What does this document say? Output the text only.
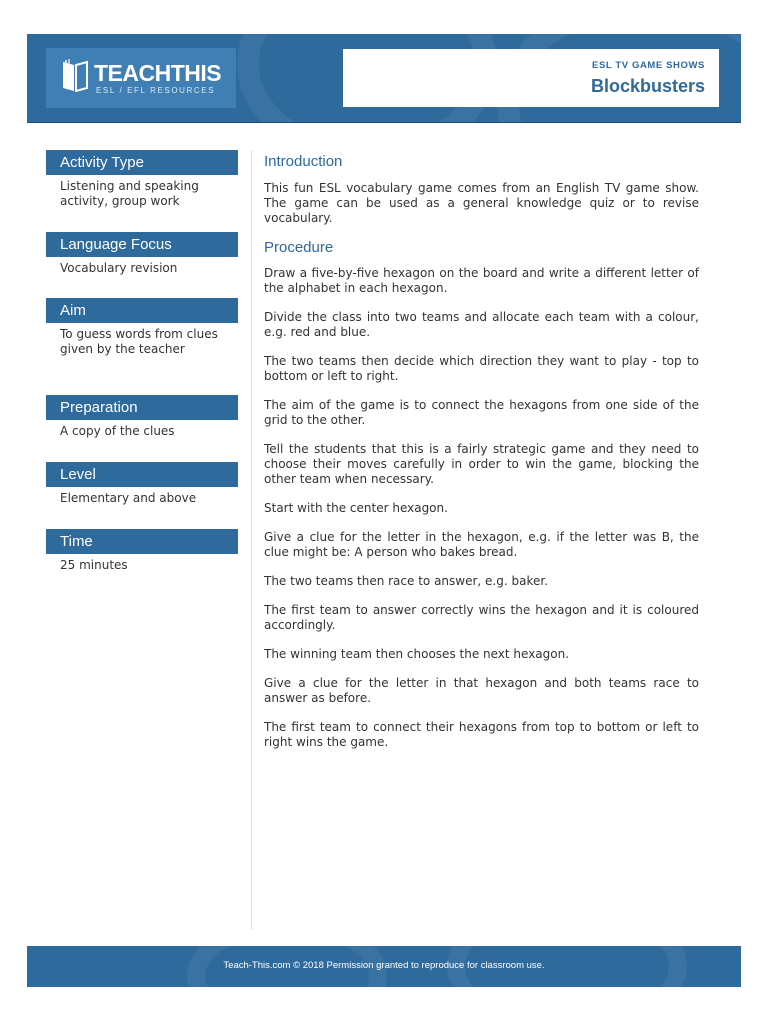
TEACHTHIS
ESL / EFL RESOURCES
ESL TV GAME SHOWS
Blockbusters
Activity Type
Listening and speaking activity, group work
Language Focus
Vocabulary revision
Aim
To guess words from clues given by the teacher
Preparation
A copy of the clues
Level
Elementary and above
Time
25 minutes
Introduction
This fun ESL vocabulary game comes from an English TV game show. The game can be used as a general knowledge quiz or to revise vocabulary.
Procedure
Draw a five-by-five hexagon on the board and write a different letter of the alphabet in each hexagon.
Divide the class into two teams and allocate each team with a colour, e.g. red and blue.
The two teams then decide which direction they want to play - top to bottom or left to right.
The aim of the game is to connect the hexagons from one side of the grid to the other.
Tell the students that this is a fairly strategic game and they need to choose their moves carefully in order to win the game, blocking the other team when necessary.
Start with the center hexagon.
Give a clue for the letter in the hexagon, e.g. if the letter was B, the clue might be: A person who bakes bread.
The two teams then race to answer, e.g. baker.
The first team to answer correctly wins the hexagon and it is coloured accordingly.
The winning team then chooses the next hexagon.
Give a clue for the letter in that hexagon and both teams race to answer as before.
The first team to connect their hexagons from top to bottom or left to right wins the game.
Teach-This.com © 2018 Permission granted to reproduce for classroom use.
